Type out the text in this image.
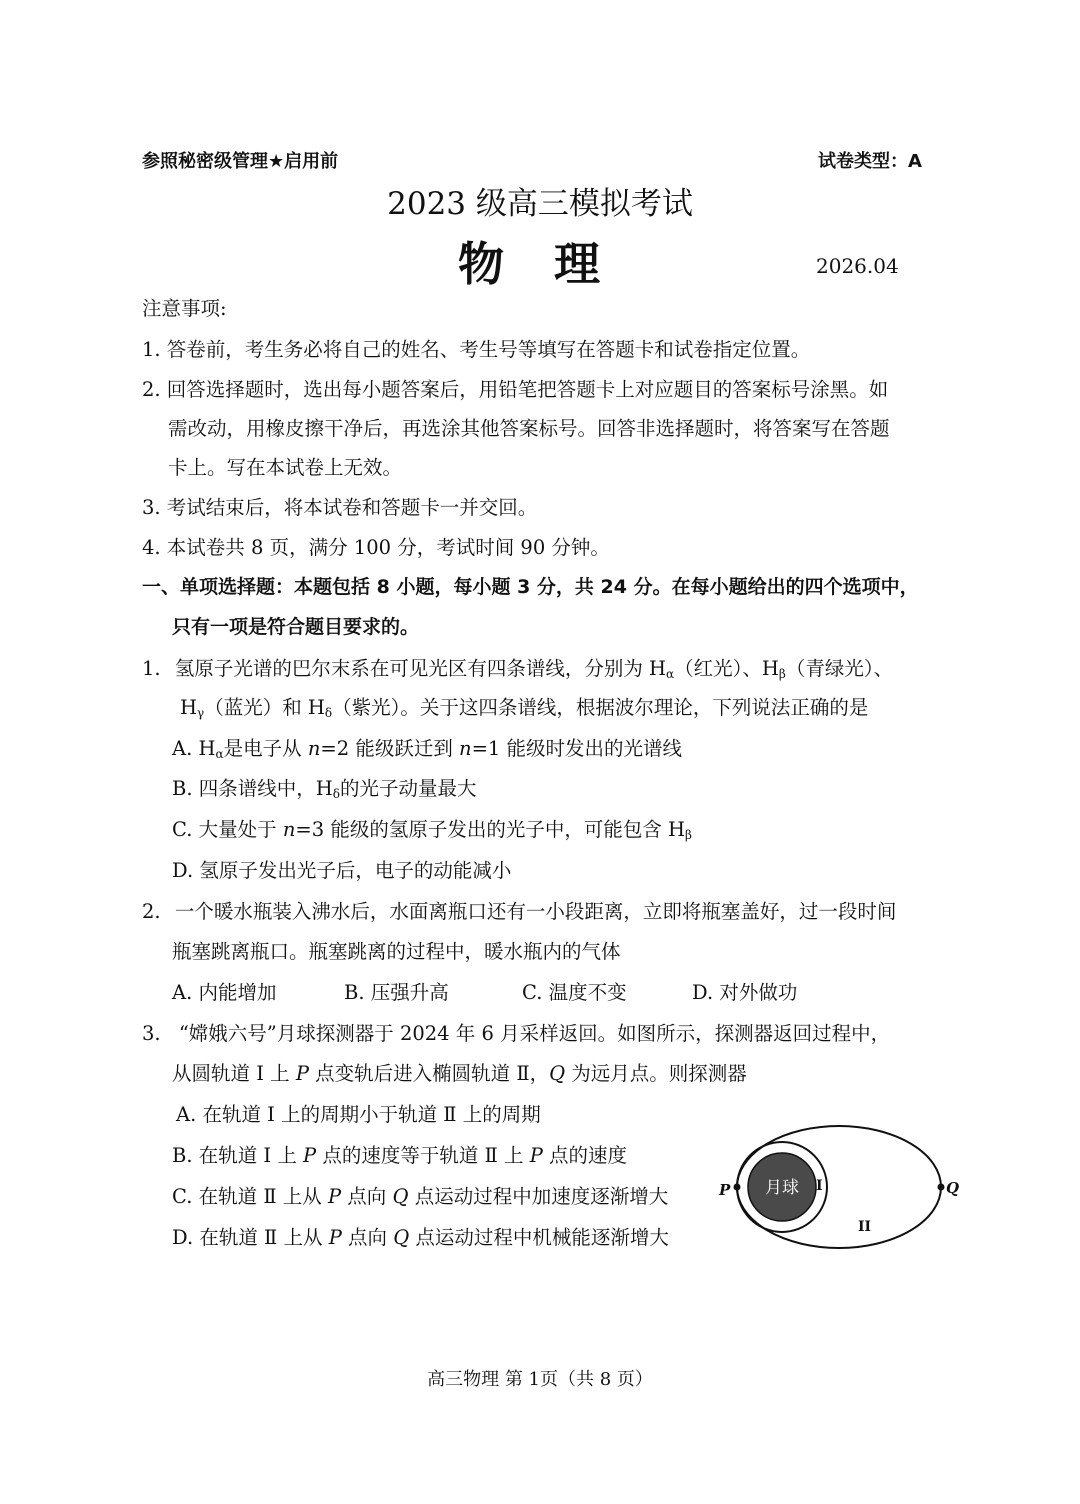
参照秘密级管理★启用前	试卷类型：A
2023 级高三模拟考试
物　理	2026.04
注意事项:
1. 答卷前，考生务必将自己的姓名、考生号等填写在答题卡和试卷指定位置。
2. 回答选择题时，选出每小题答案后，用铅笔把答题卡上对应题目的答案标号涂黑。如
需改动，用橡皮擦干净后，再选涂其他答案标号。回答非选择题时，将答案写在答题
卡上。写在本试卷上无效。
3. 考试结束后，将本试卷和答题卡一并交回。
4. 本试卷共 8 页，满分 100 分，考试时间 90 分钟。
一、单项选择题：本题包括 8 小题，每小题 3 分，共 24 分。在每小题给出的四个选项中，
只有一项是符合题目要求的。
1. 氢原子光谱的巴尔末系在可见光区有四条谱线，分别为 $H_\alpha$（红光）、$H_\beta$（青绿光）、
$H_\gamma$（蓝光）和 $H_\delta$（紫光）。关于这四条谱线，根据波尔理论，下列说法正确的是
A. $H_\alpha$是电子从 n=2 能级跃迁到 n=1 能级时发出的光谱线
B. 四条谱线中，$H_\delta$的光子动量最大
C. 大量处于 n=3 能级的氢原子发出的光子中，可能包含 $H_\beta$
D. 氢原子发出光子后，电子的动能减小
2. 一个暖水瓶装入沸水后，水面离瓶口还有一小段距离，立即将瓶塞盖好，过一段时间
瓶塞跳离瓶口。瓶塞跳离的过程中，暖水瓶内的气体
A. 内能增加	B. 压强升高	C. 温度不变	D. 对外做功
3. “嫦娥六号”月球探测器于 2024 年 6 月采样返回。如图所示，探测器返回过程中，
从圆轨道 Ⅰ 上 P 点变轨后进入椭圆轨道 Ⅱ，Q 为远月点。则探测器
A. 在轨道 Ⅰ 上的周期小于轨道 Ⅱ 上的周期
B. 在轨道 Ⅰ 上 P 点的速度等于轨道 Ⅱ 上 P 点的速度
C. 在轨道 Ⅱ 上从 P 点向 Q 点运动过程中加速度逐渐增大
D. 在轨道 Ⅱ 上从 P 点向 Q 点运动过程中机械能逐渐增大
月球
P	Q
I
II
高三物理 第 1页（共 8 页）
